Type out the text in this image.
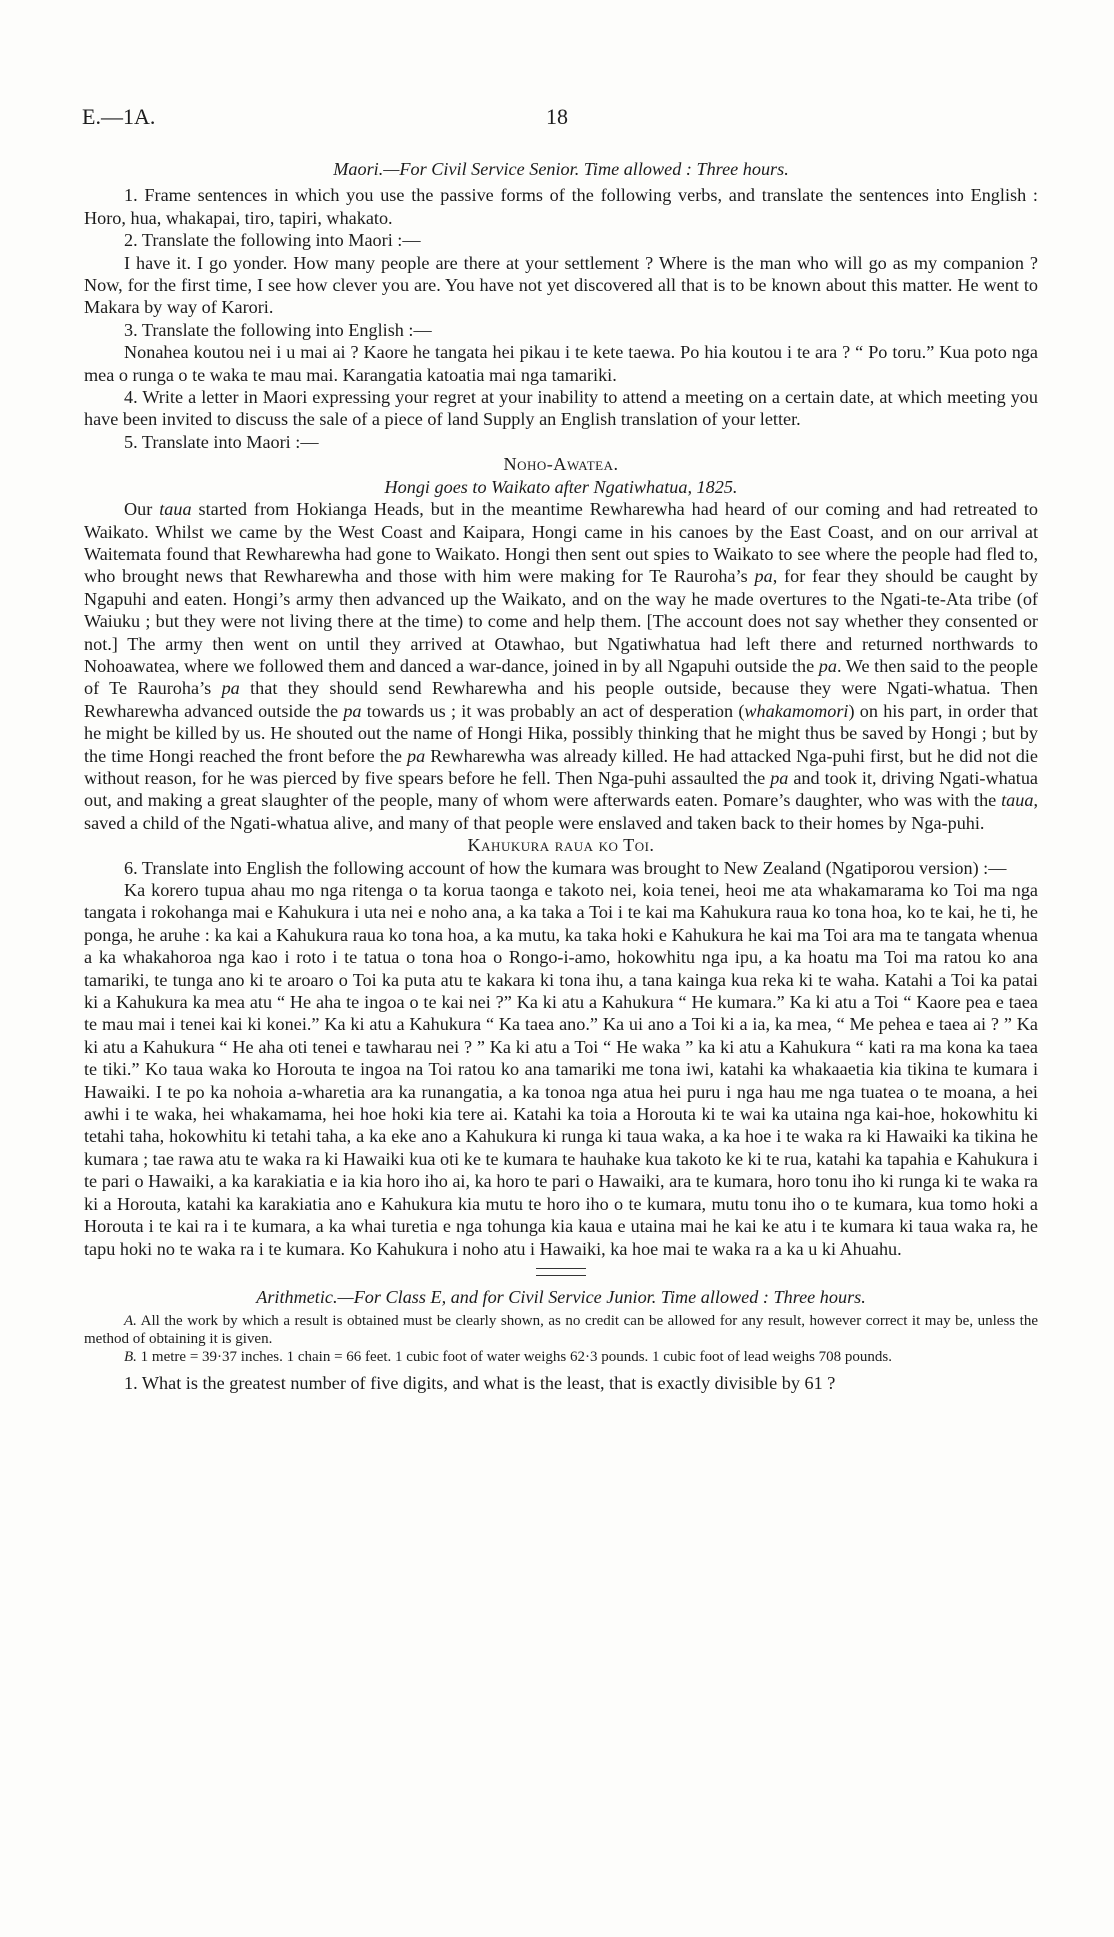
E.—1A.	18

Maori.—For Civil Service Senior. Time allowed : Three hours.

1. Frame sentences in which you use the passive forms of the following verbs, and translate the sentences into English : Horo, hua, whakapai, tiro, tapiri, whakato.

2. Translate the following into Maori :—

I have it. I go yonder. How many people are there at your settlement ? Where is the man who will go as my companion ? Now, for the first time, I see how clever you are. You have not yet discovered all that is to be known about this matter. He went to Makara by way of Karori.

3. Translate the following into English :—

Nonahea koutou nei i u mai ai ? Kaore he tangata hei pikau i te kete taewa. Po hia koutou i te ara ? “ Po toru.” Kua poto nga mea o runga o te waka te mau mai. Karangatia katoatia mai nga tamariki.

4. Write a letter in Maori expressing your regret at your inability to attend a meeting on a certain date, at which meeting you have been invited to discuss the sale of a piece of land Supply an English translation of your letter.

5. Translate into Maori :—

Noho-Awatea.

Hongi goes to Waikato after Ngatiwhatua, 1825.

Our taua started from Hokianga Heads, but in the meantime Rewharewha had heard of our coming and had retreated to Waikato. Whilst we came by the West Coast and Kaipara, Hongi came in his canoes by the East Coast, and on our arrival at Waitemata found that Rewharewha had gone to Waikato. Hongi then sent out spies to Waikato to see where the people had fled to, who brought news that Rewharewha and those with him were making for Te Rauroha’s pa, for fear they should be caught by Ngapuhi and eaten. Hongi’s army then advanced up the Waikato, and on the way he made overtures to the Ngati-te-Ata tribe (of Waiuku ; but they were not living there at the time) to come and help them. [The account does not say whether they consented or not.] The army then went on until they arrived at Otawhao, but Ngatiwhatua had left there and returned northwards to Nohoawatea, where we followed them and danced a war-dance, joined in by all Ngapuhi outside the pa. We then said to the people of Te Rauroha’s pa that they should send Rewharewha and his people outside, because they were Ngati-whatua. Then Rewharewha advanced outside the pa towards us ; it was probably an act of desperation (whakamomori) on his part, in order that he might be killed by us. He shouted out the name of Hongi Hika, possibly thinking that he might thus be saved by Hongi ; but by the time Hongi reached the front before the pa Rewharewha was already killed. He had attacked Nga-puhi first, but he did not die without reason, for he was pierced by five spears before he fell. Then Nga-puhi assaulted the pa and took it, driving Ngati-whatua out, and making a great slaughter of the people, many of whom were afterwards eaten. Pomare’s daughter, who was with the taua, saved a child of the Ngati-whatua alive, and many of that people were enslaved and taken back to their homes by Nga-puhi.

Kahukura raua ko Toi.

6. Translate into English the following account of how the kumara was brought to New Zealand (Ngatiporou version) :—

Ka korero tupua ahau mo nga ritenga o ta korua taonga e takoto nei, koia tenei, heoi me ata whakamarama ko Toi ma nga tangata i rokohanga mai e Kahukura i uta nei e noho ana, a ka taka a Toi i te kai ma Kahukura raua ko tona hoa, ko te kai, he ti, he ponga, he aruhe : ka kai a Kahukura raua ko tona hoa, a ka mutu, ka taka hoki e Kahukura he kai ma Toi ara ma te tangata whenua a ka whakahoroa nga kao i roto i te tatua o tona hoa o Rongo-i-amo, hokowhitu nga ipu, a ka hoatu ma Toi ma ratou ko ana tamariki, te tunga ano ki te aroaro o Toi ka puta atu te kakara ki tona ihu, a tana kainga kua reka ki te waha. Katahi a Toi ka patai ki a Kahukura ka mea atu “ He aha te ingoa o te kai nei ?” Ka ki atu a Kahukura “ He kumara.” Ka ki atu a Toi “ Kaore pea e taea te mau mai i tenei kai ki konei.” Ka ki atu a Kahukura “ Ka taea ano.” Ka ui ano a Toi ki a ia, ka mea, “ Me pehea e taea ai ? ” Ka ki atu a Kahukura “ He aha oti tenei e tawharau nei ? ” Ka ki atu a Toi “ He waka ” ka ki atu a Kahukura “ kati ra ma kona ka taea te tiki.” Ko taua waka ko Horouta te ingoa na Toi ratou ko ana tamariki me tona iwi, katahi ka whakaaetia kia tikina te kumara i Hawaiki. I te po ka nohoia a-wharetia ara ka runangatia, a ka tonoa nga atua hei puru i nga hau me nga tuatea o te moana, a hei awhi i te waka, hei whakamama, hei hoe hoki kia tere ai. Katahi ka toia a Horouta ki te wai ka utaina nga kai-hoe, hokowhitu ki tetahi taha, hokowhitu ki tetahi taha, a ka eke ano a Kahukura ki runga ki taua waka, a ka hoe i te waka ra ki Hawaiki ka tikina he kumara ; tae rawa atu te waka ra ki Hawaiki kua oti ke te kumara te hauhake kua takoto ke ki te rua, katahi ka tapahia e Kahukura i te pari o Hawaiki, a ka karakiatia e ia kia horo iho ai, ka horo te pari o Hawaiki, ara te kumara, horo tonu iho ki runga ki te waka ra ki a Horouta, katahi ka karakiatia ano e Kahukura kia mutu te horo iho o te kumara, mutu tonu iho o te kumara, kua tomo hoki a Horouta i te kai ra i te kumara, a ka whai turetia e nga tohunga kia kaua e utaina mai he kai ke atu i te kumara ki taua waka ra, he tapu hoki no te waka ra i te kumara. Ko Kahukura i noho atu i Hawaiki, ka hoe mai te waka ra a ka u ki Ahuahu.

Arithmetic.—For Class E, and for Civil Service Junior. Time allowed : Three hours.

A. All the work by which a result is obtained must be clearly shown, as no credit can be allowed for any result, however correct it may be, unless the method of obtaining it is given.

B. 1 metre = 39·37 inches. 1 chain = 66 feet. 1 cubic foot of water weighs 62·3 pounds. 1 cubic foot of lead weighs 708 pounds.

1. What is the greatest number of five digits, and what is the least, that is exactly divisible by 61 ?
